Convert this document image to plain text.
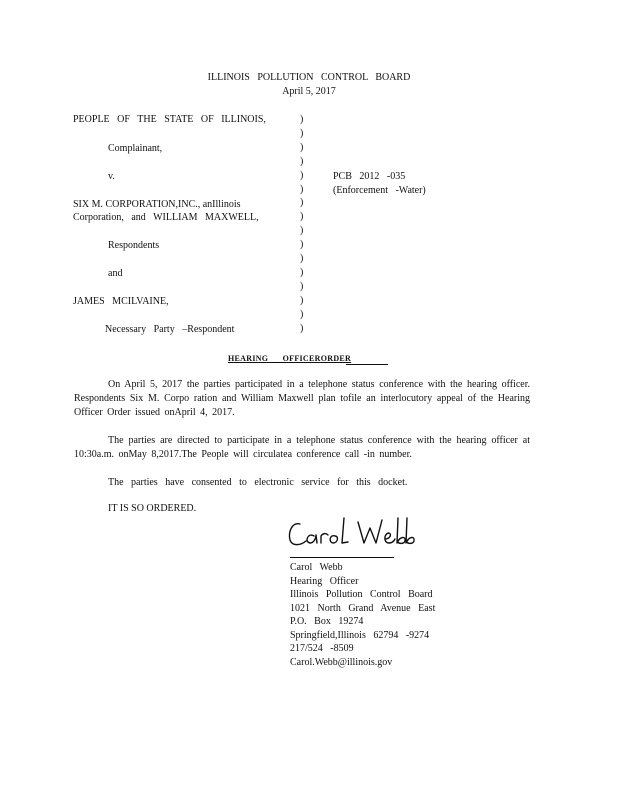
ILLINOIS POLLUTION CONTROL BOARD
April 5, 2017
PEOPLE OF THE STATE OF ILLINOIS,
Complainant,
v.
SIX M. CORPORATION,INC., anIllinois
Corporation, and WILLIAM MAXWELL,
Respondents
and
JAMES MCILVAINE,
Necessary Party –Respondent
)
)
)
)
)
)
)
)
)
)
)
)
)
)
)
)
PCB 2012 -035
(Enforcement -Water)
HEARING OFFICERORDER
On April 5, 2017 the parties participated in a telephone status conference with the hearing officer. Respondents Six M. Corpo ration and William Maxwell plan tofile an interlocutory appeal of the Hearing Officer Order issued onApril 4, 2017.
The parties are directed to participate in a telephone status conference with the hearing officer at 10:30a.m. onMay 8,2017.The People will circulatea conference call -in number.
The parties have consented to electronic service for this docket.
IT IS SO ORDERED.
Carol Webb
Hearing Officer
Illinois Pollution Control Board
1021 North Grand Avenue East
P.O. Box 19274
Springfield,Illinois 62794 -9274
217/524 -8509
Carol.Webb@illinois.gov
